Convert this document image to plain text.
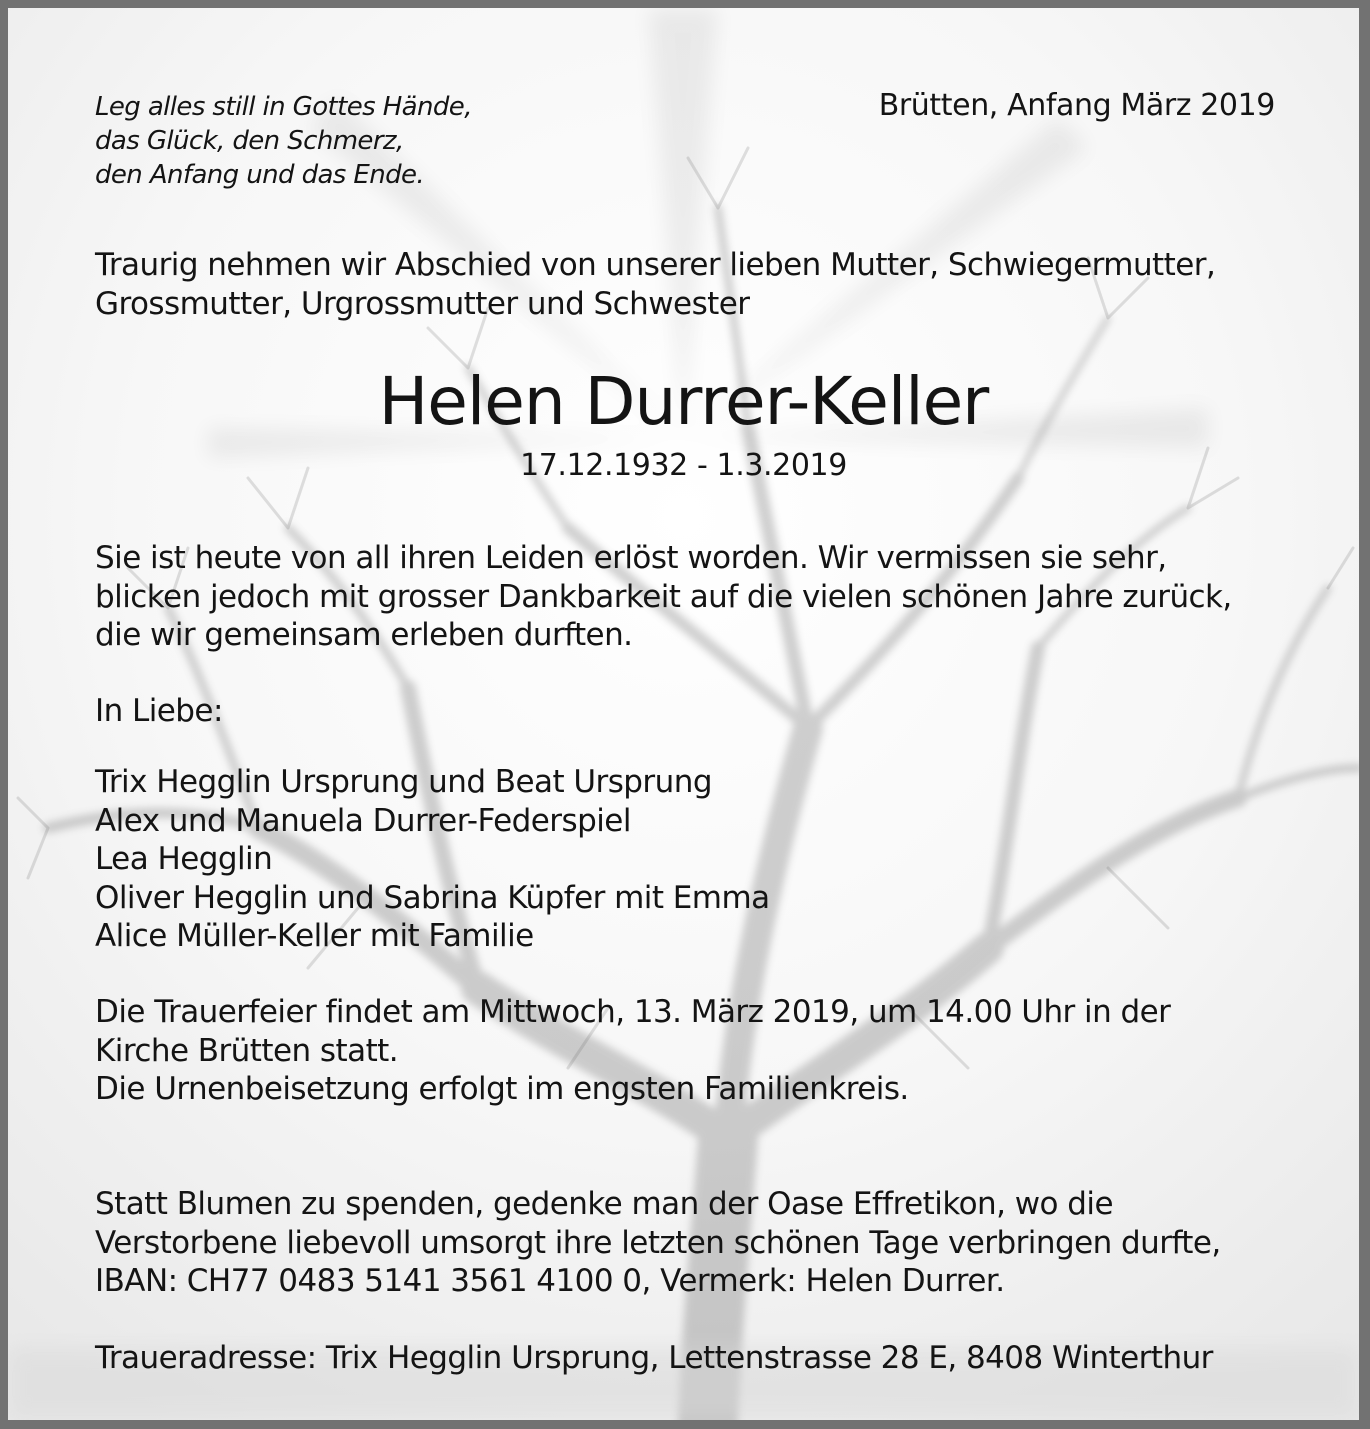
Leg alles still in Gottes Hände,
das Glück, den Schmerz,
den Anfang und das Ende.
Brütten, Anfang März 2019
Traurig nehmen wir Abschied von unserer lieben Mutter, Schwiegermutter,
Grossmutter, Urgrossmutter und Schwester
Helen Durrer-Keller
17.12.1932 - 1.3.2019
Sie ist heute von all ihren Leiden erlöst worden. Wir vermissen sie sehr,
blicken jedoch mit grosser Dankbarkeit auf die vielen schönen Jahre zurück,
die wir gemeinsam erleben durften.
In Liebe:
Trix Hegglin Ursprung und Beat Ursprung
Alex und Manuela Durrer-Federspiel
Lea Hegglin
Oliver Hegglin und Sabrina Küpfer mit Emma
Alice Müller-Keller mit Familie
Die Trauerfeier findet am Mittwoch, 13. März 2019, um 14.00 Uhr in der
Kirche Brütten statt.
Die Urnenbeisetzung erfolgt im engsten Familienkreis.
Statt Blumen zu spenden, gedenke man der Oase Effretikon, wo die
Verstorbene liebevoll umsorgt ihre letzten schönen Tage verbringen durfte,
IBAN: CH77 0483 5141 3561 4100 0, Vermerk: Helen Durrer.
Traueradresse: Trix Hegglin Ursprung, Lettenstrasse 28 E, 8408 Winterthur
